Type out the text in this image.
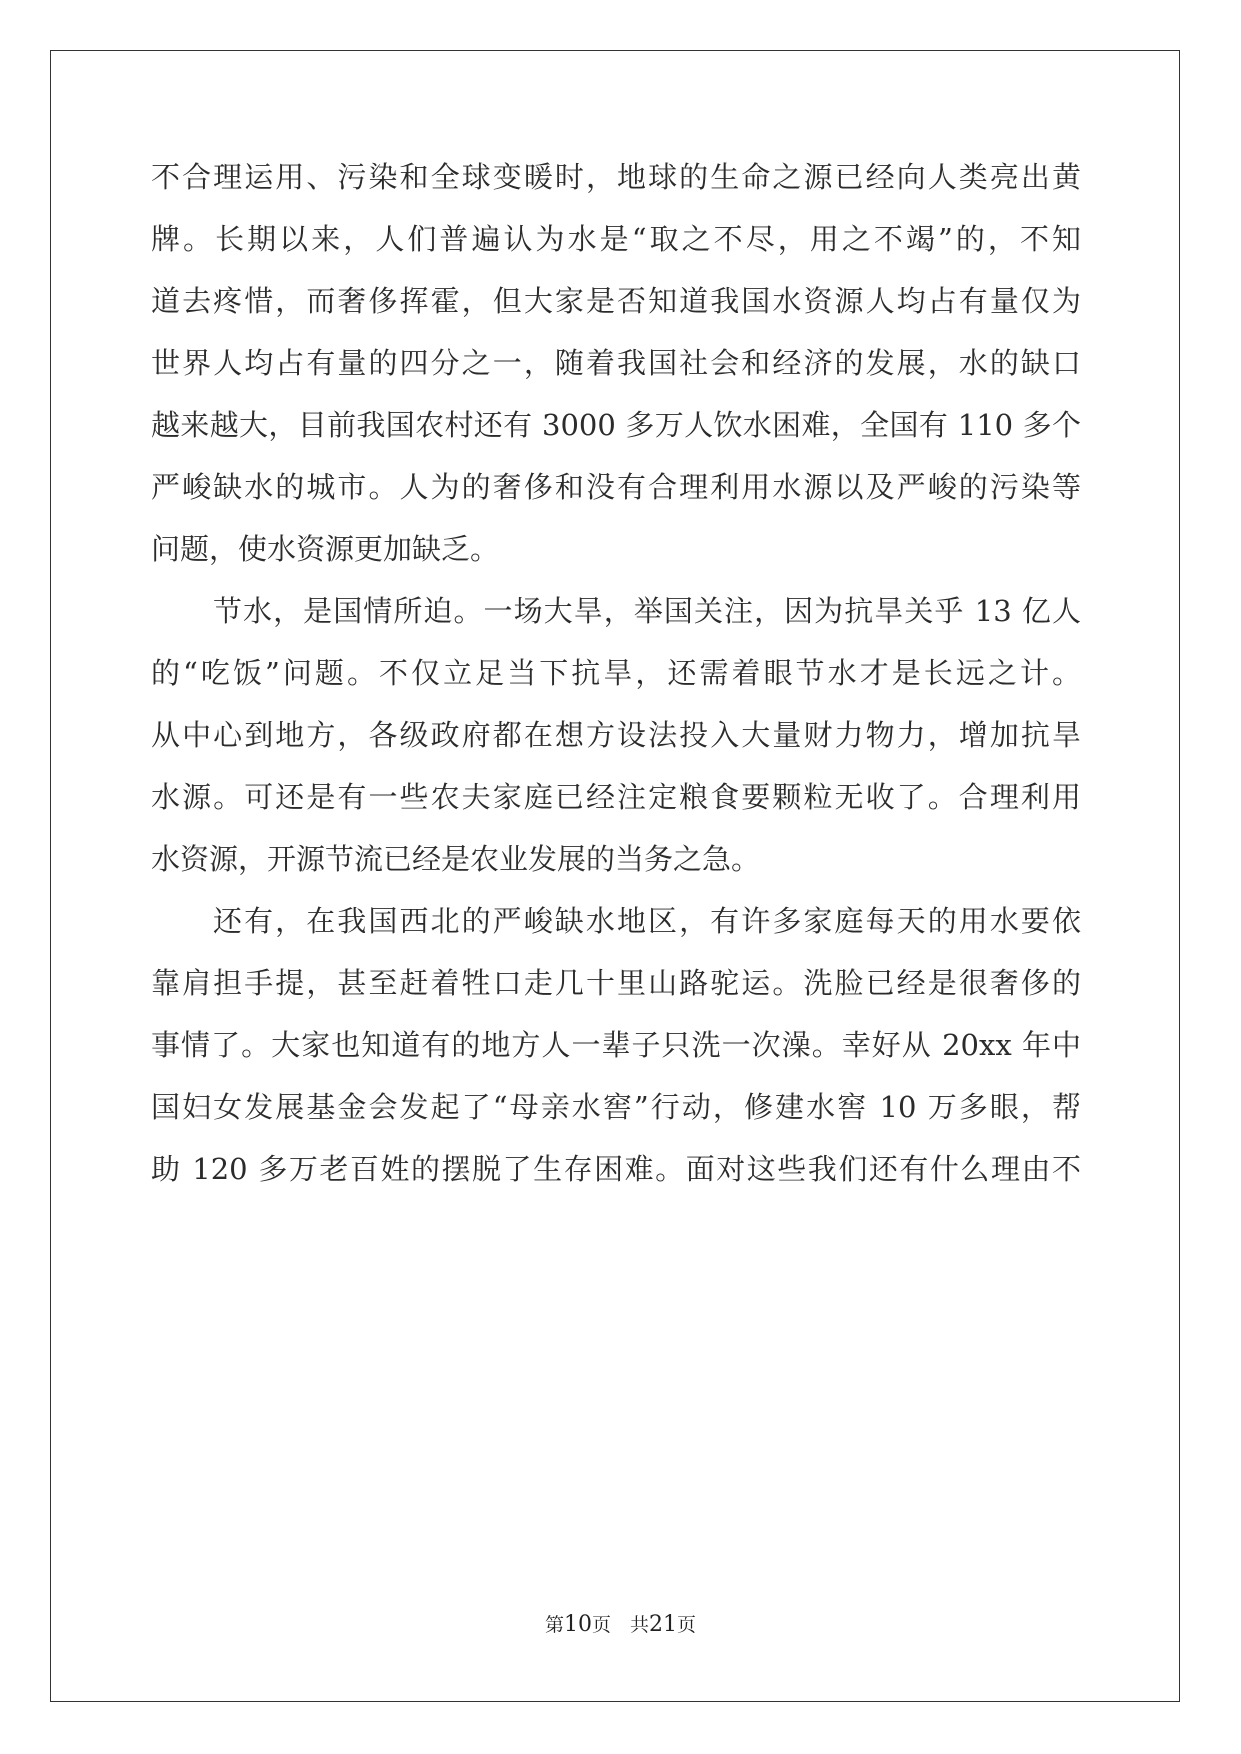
不合理运用、污染和全球变暖时，地球的生命之源已经向人类亮出黄
牌。长期以来，人们普遍认为水是“取之不尽，用之不竭”的，不知
道去疼惜，而奢侈挥霍，但大家是否知道我国水资源人均占有量仅为
世界人均占有量的四分之一，随着我国社会和经济的发展，水的缺口
越来越大，目前我国农村还有 3000 多万人饮水困难，全国有 110 多个
严峻缺水的城市。人为的奢侈和没有合理利用水源以及严峻的污染等
问题，使水资源更加缺乏。
节水，是国情所迫。一场大旱，举国关注，因为抗旱关乎 13 亿人
的“吃饭”问题。不仅立足当下抗旱，还需着眼节水才是长远之计。
从中心到地方，各级政府都在想方设法投入大量财力物力，增加抗旱
水源。可还是有一些农夫家庭已经注定粮食要颗粒无收了。合理利用
水资源，开源节流已经是农业发展的当务之急。
还有，在我国西北的严峻缺水地区，有许多家庭每天的用水要依
靠肩担手提，甚至赶着牲口走几十里山路驼运。洗脸已经是很奢侈的
事情了。大家也知道有的地方人一辈子只洗一次澡。幸好从 20xx 年中
国妇女发展基金会发起了“母亲水窖”行动，修建水窖 10 万多眼，帮
助 120 多万老百姓的摆脱了生存困难。面对这些我们还有什么理由不
第10页　共21页
